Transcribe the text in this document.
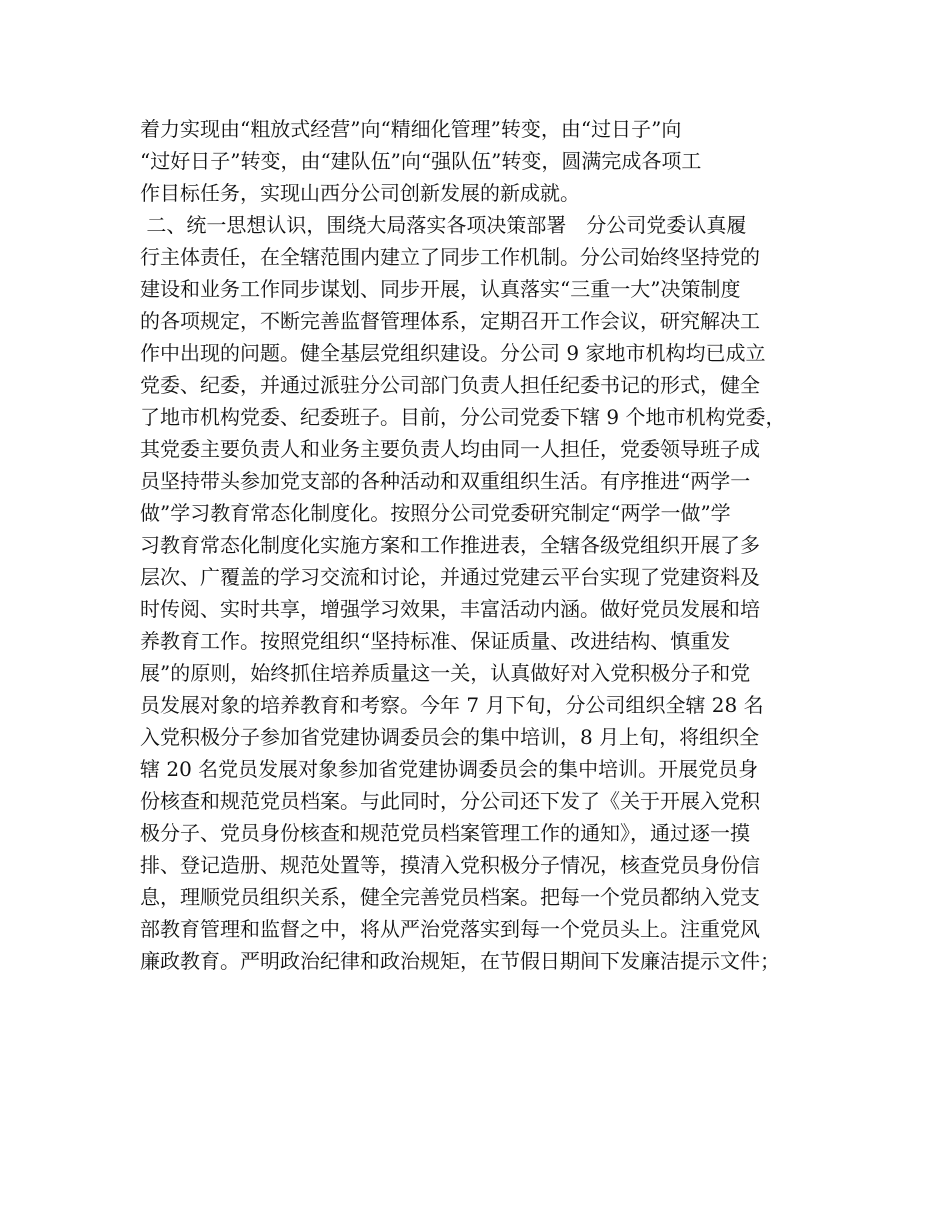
着力实现由“粗放式经营”向“精细化管理”转变，由“过日子”向
“过好日子”转变，由“建队伍”向“强队伍”转变，圆满完成各项工
作目标任务，实现山西分公司创新发展的新成就。
二、统一思想认识，围绕大局落实各项决策部署　分公司党委认真履
行主体责任，在全辖范围内建立了同步工作机制。分公司始终坚持党的
建设和业务工作同步谋划、同步开展，认真落实“三重一大”决策制度
的各项规定，不断完善监督管理体系，定期召开工作会议，研究解决工
作中出现的问题。健全基层党组织建设。分公司 9 家地市机构均已成立
党委、纪委，并通过派驻分公司部门负责人担任纪委书记的形式，健全
了地市机构党委、纪委班子。目前，分公司党委下辖 9 个地市机构党委，
其党委主要负责人和业务主要负责人均由同一人担任，党委领导班子成
员坚持带头参加党支部的各种活动和双重组织生活。有序推进“两学一
做”学习教育常态化制度化。按照分公司党委研究制定“两学一做”学
习教育常态化制度化实施方案和工作推进表，全辖各级党组织开展了多
层次、广覆盖的学习交流和讨论，并通过党建云平台实现了党建资料及
时传阅、实时共享，增强学习效果，丰富活动内涵。做好党员发展和培
养教育工作。按照党组织“坚持标准、保证质量、改进结构、慎重发
展”的原则，始终抓住培养质量这一关，认真做好对入党积极分子和党
员发展对象的培养教育和考察。今年 7 月下旬，分公司组织全辖 28 名
入党积极分子参加省党建协调委员会的集中培训，8 月上旬，将组织全
辖 20 名党员发展对象参加省党建协调委员会的集中培训。开展党员身
份核查和规范党员档案。与此同时，分公司还下发了《关于开展入党积
极分子、党员身份核查和规范党员档案管理工作的通知》，通过逐一摸
排、登记造册、规范处置等，摸清入党积极分子情况，核查党员身份信
息，理顺党员组织关系，健全完善党员档案。把每一个党员都纳入党支
部教育管理和监督之中，将从严治党落实到每一个党员头上。注重党风
廉政教育。严明政治纪律和政治规矩，在节假日期间下发廉洁提示文件；
